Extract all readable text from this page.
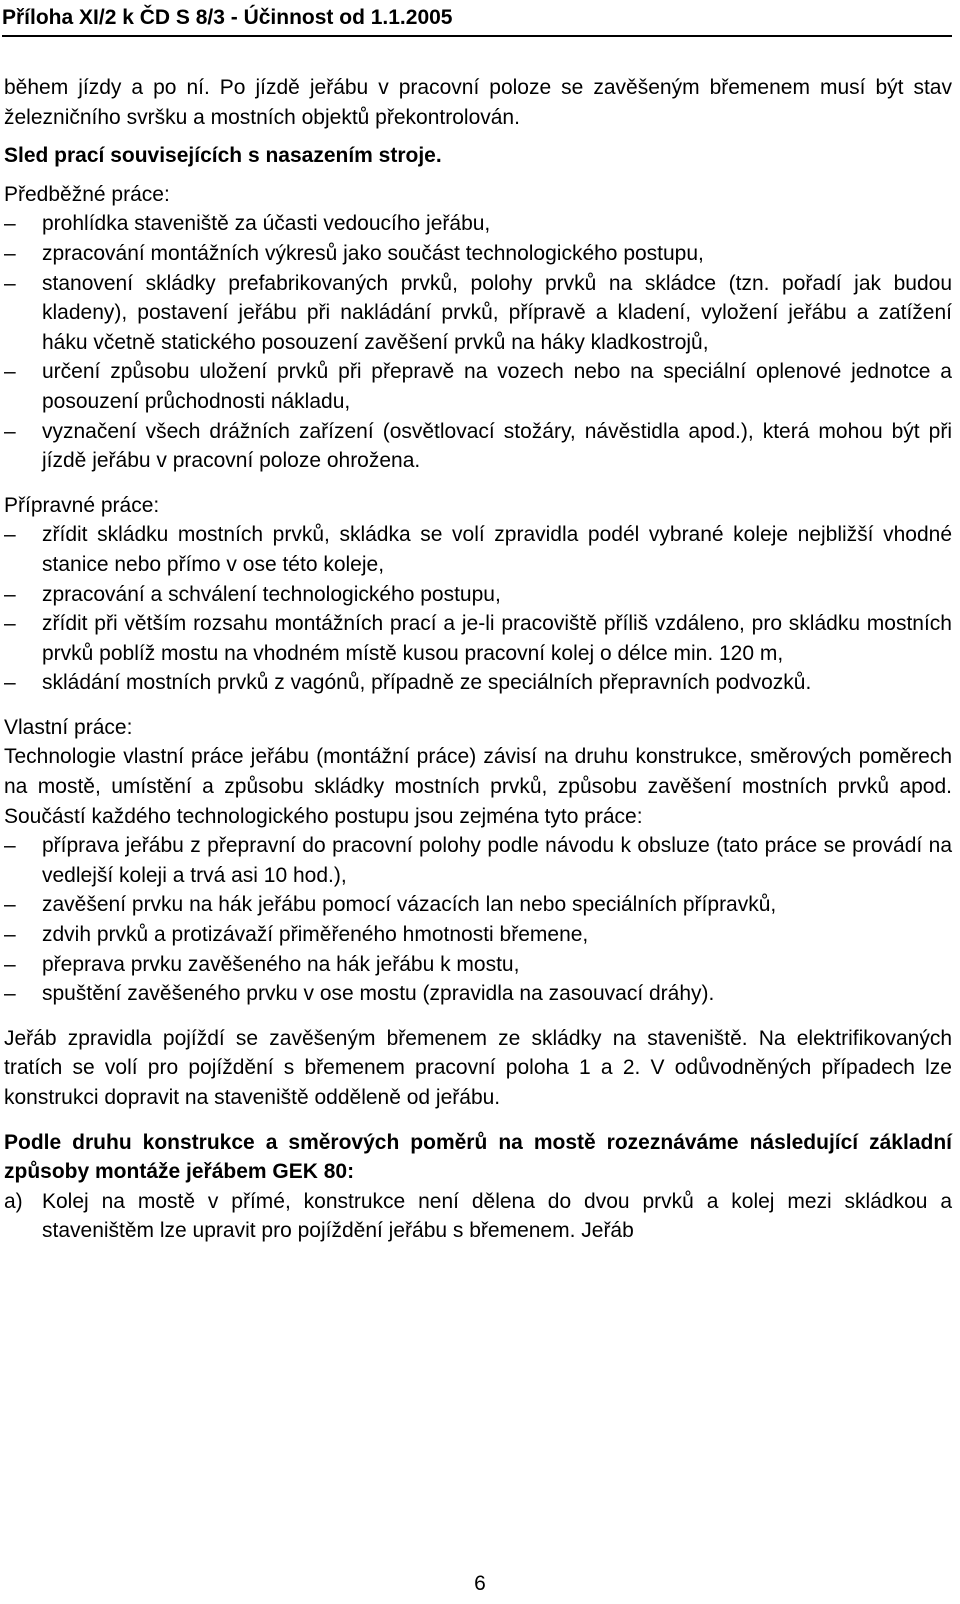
Příloha XI/2 k ČD S 8/3 - Účinnost od 1.1.2005

během jízdy a po ní. Po jízdě jeřábu v pracovní poloze se zavěšeným břemenem musí být stav železničního svršku a mostních objektů překontrolován.

Sled prací souvisejících s nasazením stroje.

Předběžné práce:

–	prohlídka staveniště za účasti vedoucího jeřábu,
–	zpracování montážních výkresů jako součást technologického postupu,
–	stanovení skládky prefabrikovaných prvků, polohy prvků na skládce (tzn. pořadí jak budou kladeny), postavení jeřábu při nakládání prvků, přípravě a kladení, vyložení jeřábu a zatížení háku včetně statického posouzení zavěšení prvků na háky kladkostrojů,
–	určení způsobu uložení prvků při přepravě na vozech nebo na speciální oplenové jednotce a posouzení průchodnosti nákladu,
–	vyznačení všech drážních zařízení (osvětlovací stožáry, návěstidla apod.), která mohou být při jízdě jeřábu v pracovní poloze ohrožena.

Přípravné práce:

–	zřídit skládku mostních prvků, skládka se volí zpravidla podél vybrané koleje nejbližší vhodné stanice nebo přímo v ose této koleje,
–	zpracování a schválení technologického postupu,
–	zřídit při větším rozsahu montážních prací a je-li pracoviště příliš vzdáleno, pro skládku mostních prvků poblíž mostu na vhodném místě kusou pracovní kolej o délce min. 120 m,
–	skládání mostních prvků z vagónů, případně ze speciálních přepravních podvozků.

Vlastní práce:

Technologie vlastní práce jeřábu (montážní práce) závisí na druhu konstrukce, směrových poměrech na mostě, umístění a způsobu skládky mostních prvků, způsobu zavěšení mostních prvků apod. Součástí každého technologického postupu jsou zejména tyto práce:

–	příprava jeřábu z přepravní do pracovní polohy podle návodu k obsluze (tato práce se provádí na vedlejší koleji a trvá asi 10 hod.),
–	zavěšení prvku na hák jeřábu pomocí vázacích lan nebo speciálních přípravků,
–	zdvih prvků a protizávaží přiměřeného hmotnosti břemene,
–	přeprava prvku zavěšeného na hák jeřábu k mostu,
–	spuštění zavěšeného prvku v ose mostu (zpravidla na zasouvací dráhy).

Jeřáb zpravidla pojíždí se zavěšeným břemenem ze skládky na staveniště. Na elektrifikovaných tratích se volí pro pojíždění s břemenem pracovní poloha 1 a 2. V odůvodněných případech lze konstrukci dopravit na staveniště odděleně od jeřábu.

Podle druhu konstrukce a směrových poměrů na mostě rozeznáváme následující základní způsoby montáže jeřábem GEK 80:

a) Kolej na mostě v přímé, konstrukce není dělena do dvou prvků a kolej mezi skládkou a staveništěm lze upravit pro pojíždění jeřábu s břemenem. Jeřáb
6
